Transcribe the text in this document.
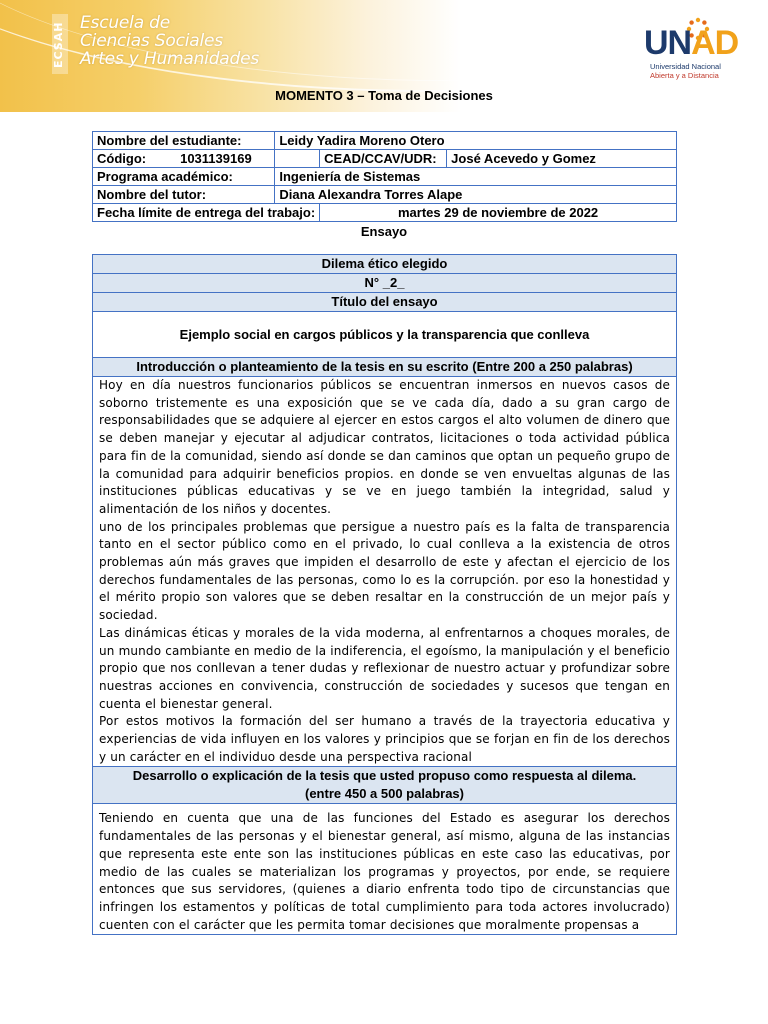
ECSAH Escuela de
Ciencias Sociales
Artes y Humanidades	UNAD
Universidad Nacional
Abierta y a Distancia
MOMENTO 3 – Toma de Decisiones
Nombre del estudiante:	Leidy Yadira Moreno Otero		
Código: 1031139169		CEAD/CCAV/UDR:	José Acevedo y Gomez
Programa académico:	Ingeniería de Sistemas		
Nombre del tutor:	Diana Alexandra Torres Alape		
Fecha límite de entrega del trabajo:		martes 29 de noviembre de 2022	
Ensayo
Dilema ético elegido
N° _2_
Título del ensayo
Ejemplo social en cargos públicos y la transparencia que conlleva
Introducción o planteamiento de la tesis en su escrito (Entre 200 a 250 palabras)

Hoy en día nuestros funcionarios públicos se encuentran inmersos en nuevos casos de soborno tristemente es una exposición que se ve cada día, dado a su gran cargo de responsabilidades que se adquiere al ejercer en estos cargos el alto volumen de dinero que se deben manejar y ejecutar al adjudicar contratos, licitaciones o toda actividad pública para fin de la comunidad, siendo así donde se dan caminos que optan un pequeño grupo de la comunidad para adquirir beneficios propios. en donde se ven envueltas algunas de las instituciones públicas educativas y se ve en juego también la integridad, salud y alimentación de los niños y docentes.

uno de los principales problemas que persigue a nuestro país es la falta de transparencia tanto en el sector público como en el privado, lo cual conlleva a la existencia de otros problemas aún más graves que impiden el desarrollo de este y afectan el ejercicio de los derechos fundamentales de las personas, como lo es la corrupción. por eso la honestidad y el mérito propio son valores que se deben resaltar en la construcción de un mejor país y sociedad.

Las dinámicas éticas y morales de la vida moderna, al enfrentarnos a choques morales, de un mundo cambiante en medio de la indiferencia, el egoísmo, la manipulación y el beneficio propio que nos conllevan a tener dudas y reflexionar de nuestro actuar y profundizar sobre nuestras acciones en convivencia, construcción de sociedades y sucesos que tengan en cuenta el bienestar general.

Por estos motivos la formación del ser humano a través de la trayectoria educativa y experiencias de vida influyen en los valores y principios que se forjan en fin de los derechos y un carácter en el individuo desde una perspectiva racional

Desarrollo o explicación de la tesis que usted propuso como respuesta al dilema.
(entre 450 a 500 palabras)

Teniendo en cuenta que una de las funciones del Estado es asegurar los derechos fundamentales de las personas y el bienestar general, así mismo, alguna de las instancias que representa este ente son las instituciones públicas en este caso las educativas, por medio de las cuales se materializan los programas y proyectos, por ende, se requiere entonces que sus servidores, (quienes a diario enfrenta todo tipo de circunstancias que infringen los estamentos y políticas de total cumplimiento para toda actores involucrado) cuenten con el carácter que les permita tomar decisiones que moralmente propensas a
